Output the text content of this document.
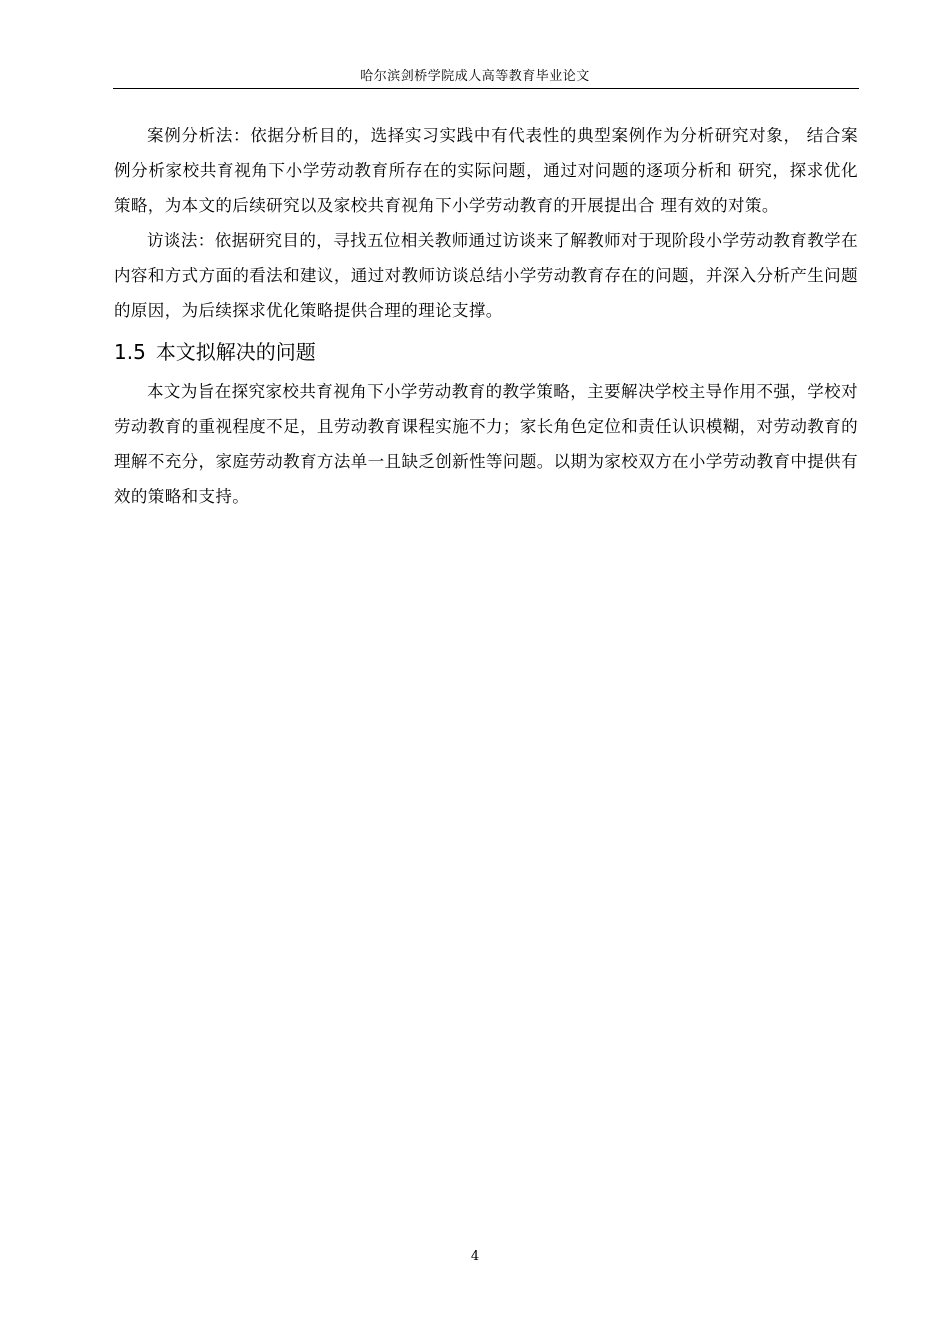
哈尔滨剑桥学院成人高等教育毕业论文

案例分析法：依据分析目的，选择实习实践中有代表性的典型案例作为分析研究对象， 结合案例分析家校共育视角下小学劳动教育所存在的实际问题，通过对问题的逐项分析和 研究，探求优化策略，为本文的后续研究以及家校共育视角下小学劳动教育的开展提出合 理有效的对策。

访谈法：依据研究目的，寻找五位相关教师通过访谈来了解教师对于现阶段小学劳动教育教学在内容和方式方面的看法和建议，通过对教师访谈总结小学劳动教育存在的问题，并深入分析产生问题的原因，为后续探求优化策略提供合理的理论支撑。

1.5 本文拟解决的问题

本文为旨在探究家校共育视角下小学劳动教育的教学策略，主要解决学校主导作用不强，学校对劳动教育的重视程度不足，且劳动教育课程实施不力；家长角色定位和责任认识模糊，对劳动教育的理解不充分，家庭劳动教育方法单一且缺乏创新性等问题。以期为家校双方在小学劳动教育中提供有效的策略和支持。

4
